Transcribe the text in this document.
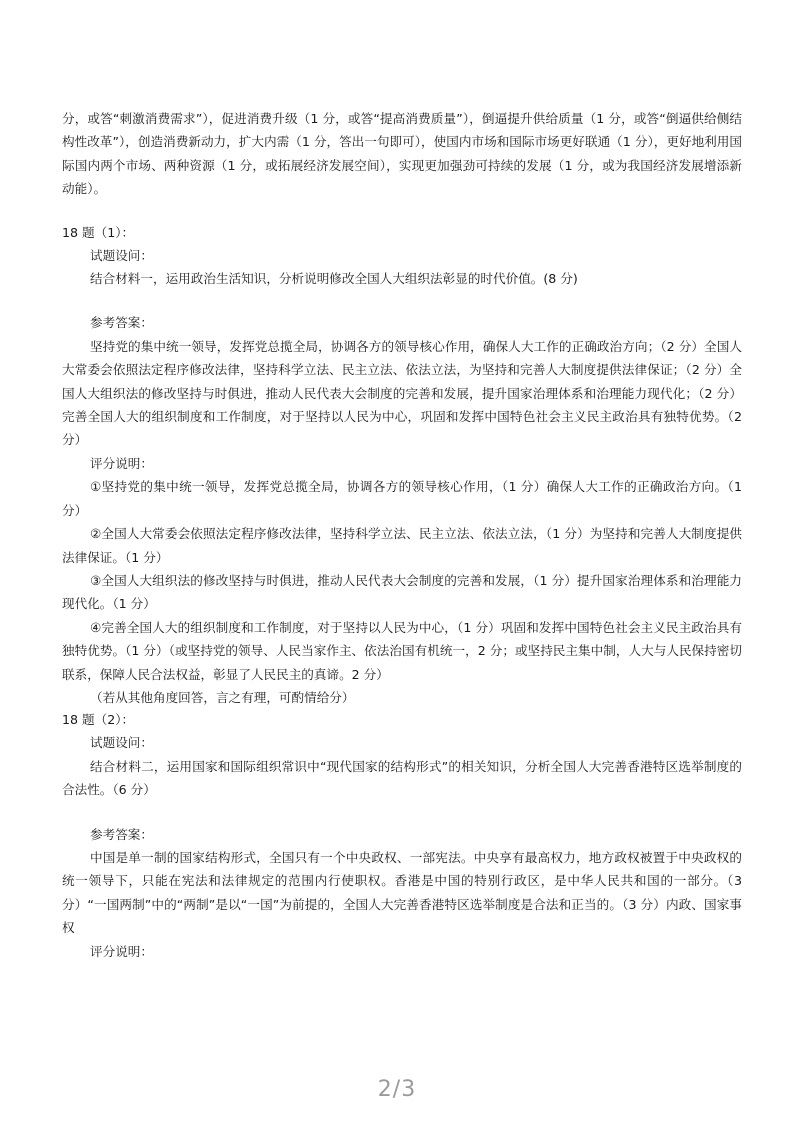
分，或答“刺激消费需求”），促进消费升级（1 分，或答“提高消费质量”），倒逼提升供给质量（1 分，或答“倒逼供给侧结构性改革”），创造消费新动力，扩大内需（1 分，答出一句即可），使国内市场和国际市场更好联通（1 分），更好地利用国际国内两个市场、两种资源（1 分，或拓展经济发展空间），实现更加强劲可持续的发展（1 分，或为我国经济发展增添新动能）。

18 题（1）：

试题设问：

结合材料一，运用政治生活知识，分析说明修改全国人大组织法彰显的时代价值。(8 分)

参考答案：

坚持党的集中统一领导，发挥党总揽全局，协调各方的领导核心作用，确保人大工作的正确政治方向；（2 分）全国人大常委会依照法定程序修改法律，坚持科学立法、民主立法、依法立法，为坚持和完善人大制度提供法律保证；（2 分）全国人大组织法的修改坚持与时俱进，推动人民代表大会制度的完善和发展，提升国家治理体系和治理能力现代化；（2 分）完善全国人大的组织制度和工作制度，对于坚持以人民为中心，巩固和发挥中国特色社会主义民主政治具有独特优势。（2 分）

评分说明：

①坚持党的集中统一领导，发挥党总揽全局，协调各方的领导核心作用，（1 分）确保人大工作的正确政治方向。（1 分）

②全国人大常委会依照法定程序修改法律，坚持科学立法、民主立法、依法立法，（1 分）为坚持和完善人大制度提供法律保证。（1 分）

③全国人大组织法的修改坚持与时俱进，推动人民代表大会制度的完善和发展，（1 分）提升国家治理体系和治理能力现代化。（1 分）

④完善全国人大的组织制度和工作制度，对于坚持以人民为中心，（1 分）巩固和发挥中国特色社会主义民主政治具有独特优势。（1 分）（或坚持党的领导、人民当家作主、依法治国有机统一，2 分；或坚持民主集中制，人大与人民保持密切联系，保障人民合法权益，彰显了人民民主的真谛。2 分）

（若从其他角度回答，言之有理，可酌情给分）

18 题（2）：

试题设问：

结合材料二，运用国家和国际组织常识中“现代国家的结构形式”的相关知识，分析全国人大完善香港特区选举制度的合法性。（6 分）

参考答案：

中国是单一制的国家结构形式，全国只有一个中央政权、一部宪法。中央享有最高权力，地方政权被置于中央政权的统一领导下，只能在宪法和法律规定的范围内行使职权。香港是中国的特别行政区，是中华人民共和国的一部分。（3 分）“一国两制”中的“两制”是以“一国”为前提的，全国人大完善香港特区选举制度是合法和正当的。（3 分）内政、国家事权

评分说明：

2/3
